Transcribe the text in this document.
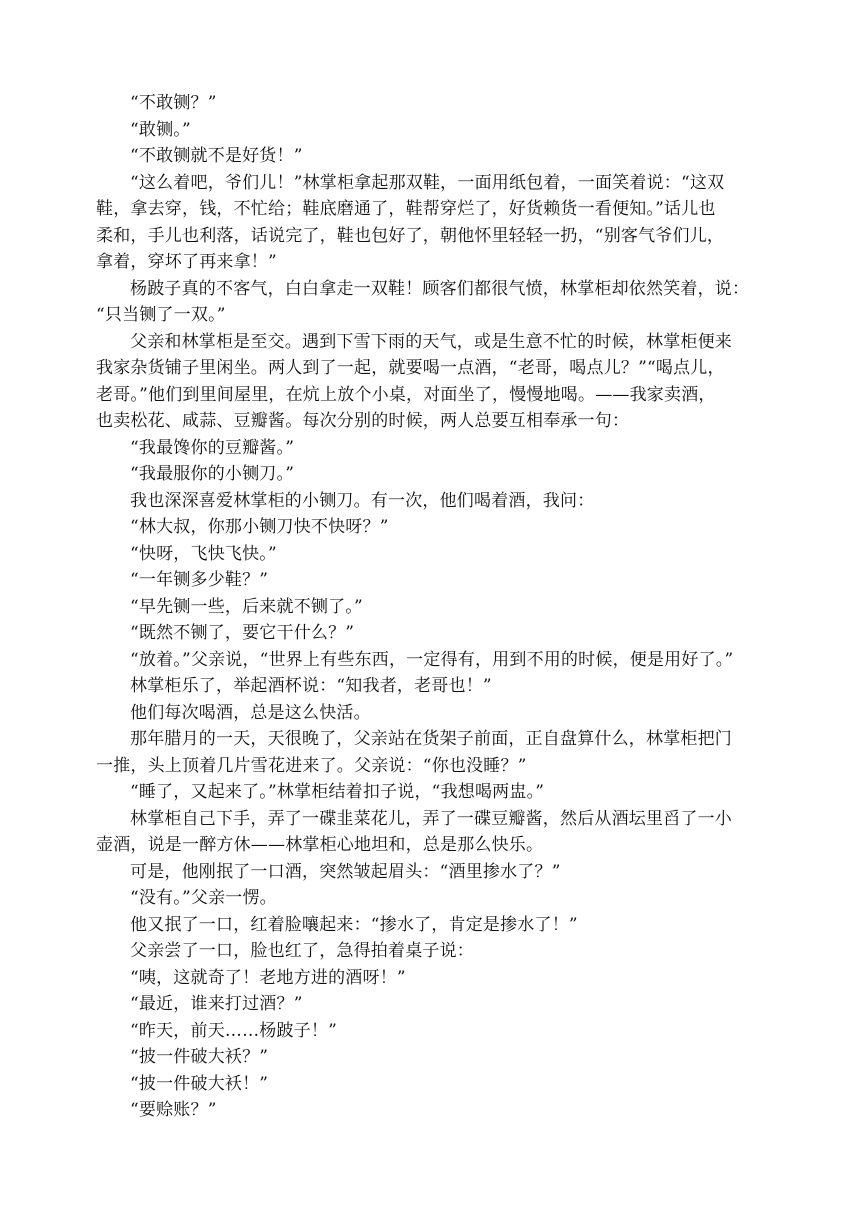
“不敢铡？”
“敢铡。”
“不敢铡就不是好货！”
“这么着吧，爷们儿！”林掌柜拿起那双鞋，一面用纸包着，一面笑着说：“这双
鞋，拿去穿，钱，不忙给；鞋底磨通了，鞋帮穿烂了，好货赖货一看便知。”话儿也
柔和，手儿也利落，话说完了，鞋也包好了，朝他怀里轻轻一扔，“别客气爷们儿，
拿着，穿坏了再来拿！”
杨跛子真的不客气，白白拿走一双鞋！顾客们都很气愤，林掌柜却依然笑着，说：
“只当铡了一双。”
父亲和林掌柜是至交。遇到下雪下雨的天气，或是生意不忙的时候，林掌柜便来
我家杂货铺子里闲坐。两人到了一起，就要喝一点酒，“老哥，喝点儿？”“喝点儿，
老哥。”他们到里间屋里，在炕上放个小桌，对面坐了，慢慢地喝。——我家卖酒，
也卖松花、咸蒜、豆瓣酱。每次分别的时候，两人总要互相奉承一句：
“我最馋你的豆瓣酱。”
“我最服你的小铡刀。”
我也深深喜爱林掌柜的小铡刀。有一次，他们喝着酒，我问：
“林大叔，你那小铡刀快不快呀？”
“快呀，飞快飞快。”
“一年铡多少鞋？”
“早先铡一些，后来就不铡了。”
“既然不铡了，要它干什么？”
“放着。”父亲说，“世界上有些东西，一定得有，用到不用的时候，便是用好了。”
林掌柜乐了，举起酒杯说：“知我者，老哥也！”
他们每次喝酒，总是这么快活。
那年腊月的一天，天很晚了，父亲站在货架子前面，正自盘算什么，林掌柜把门
一推，头上顶着几片雪花进来了。父亲说：“你也没睡？”
“睡了，又起来了。”林掌柜结着扣子说，“我想喝两盅。”
林掌柜自己下手，弄了一碟韭菜花儿，弄了一碟豆瓣酱，然后从酒坛里舀了一小
壶酒，说是一醉方休——林掌柜心地坦和，总是那么快乐。
可是，他刚抿了一口酒，突然皱起眉头：“酒里掺水了？”
“没有。”父亲一愣。
他又抿了一口，红着脸嚷起来：“掺水了，肯定是掺水了！”
父亲尝了一口，脸也红了，急得拍着桌子说：
“咦，这就奇了！老地方进的酒呀！”
“最近，谁来打过酒？”
“昨天，前天……杨跛子！”
“披一件破大袄？”
“披一件破大袄！”
“要赊账？”
